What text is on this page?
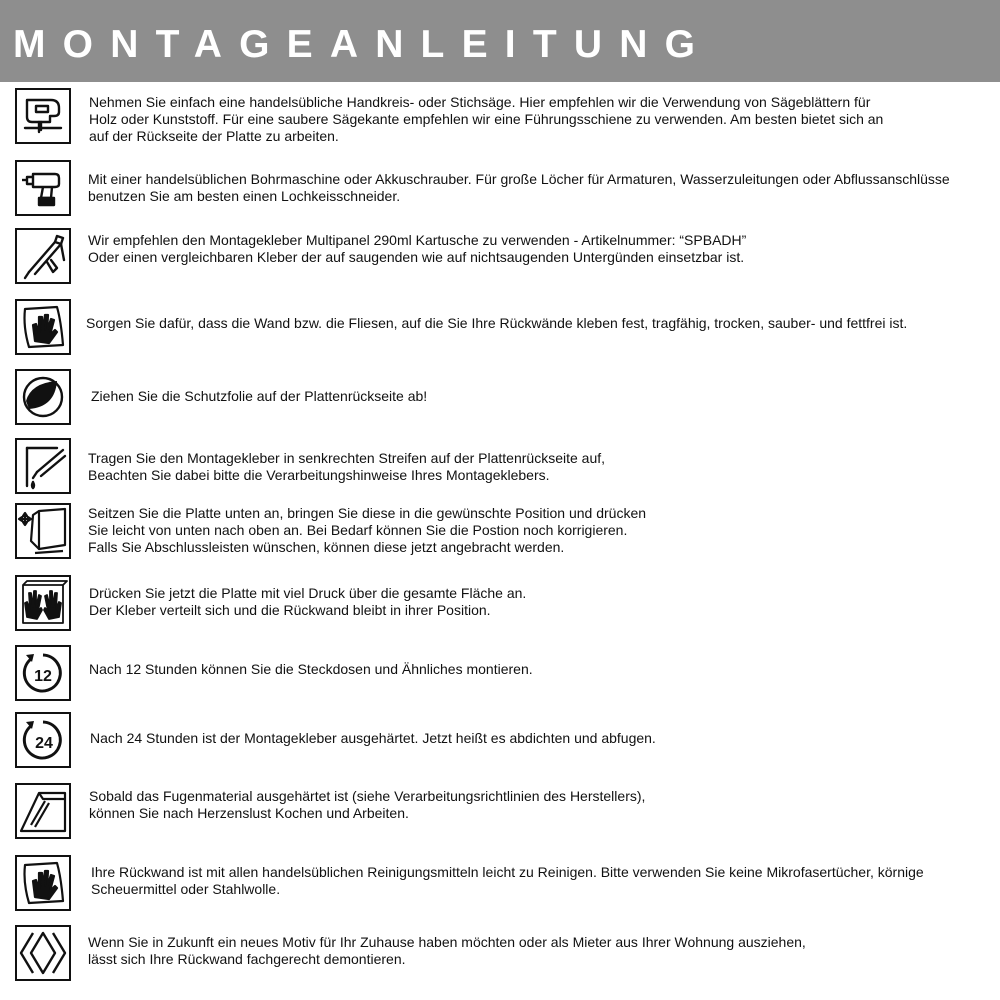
MONTAGEANLEITUNG
Nehmen Sie einfach eine handelsübliche Handkreis- oder Stichsäge. Hier empfehlen wir die Verwendung von Sägeblättern für
Holz oder Kunststoff. Für eine saubere Sägekante empfehlen wir eine Führungsschiene zu verwenden. Am besten bietet sich an
auf der Rückseite der Platte zu arbeiten.
Mit einer handelsüblichen Bohrmaschine oder Akkuschrauber. Für große Löcher für Armaturen, Wasserzuleitungen oder Abflussanschlüsse
benutzen Sie am besten einen Lochkeisschneider.
Wir empfehlen den Montagekleber Multipanel 290ml Kartusche zu verwenden - Artikelnummer: “SPBADH”
Oder einen vergleichbaren Kleber der auf saugenden wie auf nichtsaugenden Untergünden einsetzbar ist.
Sorgen Sie dafür, dass die Wand bzw. die Fliesen, auf die Sie Ihre Rückwände kleben fest, tragfähig, trocken, sauber- und fettfrei ist.
Ziehen Sie die Schutzfolie auf der Plattenrückseite ab!
Tragen Sie den Montagekleber in senkrechten Streifen auf der Plattenrückseite auf,
Beachten Sie dabei bitte die Verarbeitungshinweise Ihres Montageklebers.
Seitzen Sie die Platte unten an, bringen Sie diese in die gewünschte Position und drücken
Sie leicht von unten nach oben an. Bei Bedarf können Sie die Postion noch korrigieren.
Falls Sie Abschlussleisten wünschen, können diese jetzt angebracht werden.
Drücken Sie jetzt die Platte mit viel Druck über die gesamte Fläche an.
Der Kleber verteilt sich und die Rückwand bleibt in ihrer Position.
12	Nach 12 Stunden können Sie die Steckdosen und Ähnliches montieren.
24	Nach 24 Stunden ist der Montagekleber ausgehärtet. Jetzt heißt es abdichten und abfugen.
Sobald das Fugenmaterial ausgehärtet ist (siehe Verarbeitungsrichtlinien des Herstellers),
können Sie nach Herzenslust Kochen und Arbeiten.
Ihre Rückwand ist mit allen handelsüblichen Reinigungsmitteln leicht zu Reinigen. Bitte verwenden Sie keine Mikrofasertücher, körnige
Scheuermittel oder Stahlwolle.
Wenn Sie in Zukunft ein neues Motiv für Ihr Zuhause haben möchten oder als Mieter aus Ihrer Wohnung ausziehen,
lässt sich Ihre Rückwand fachgerecht demontieren.
